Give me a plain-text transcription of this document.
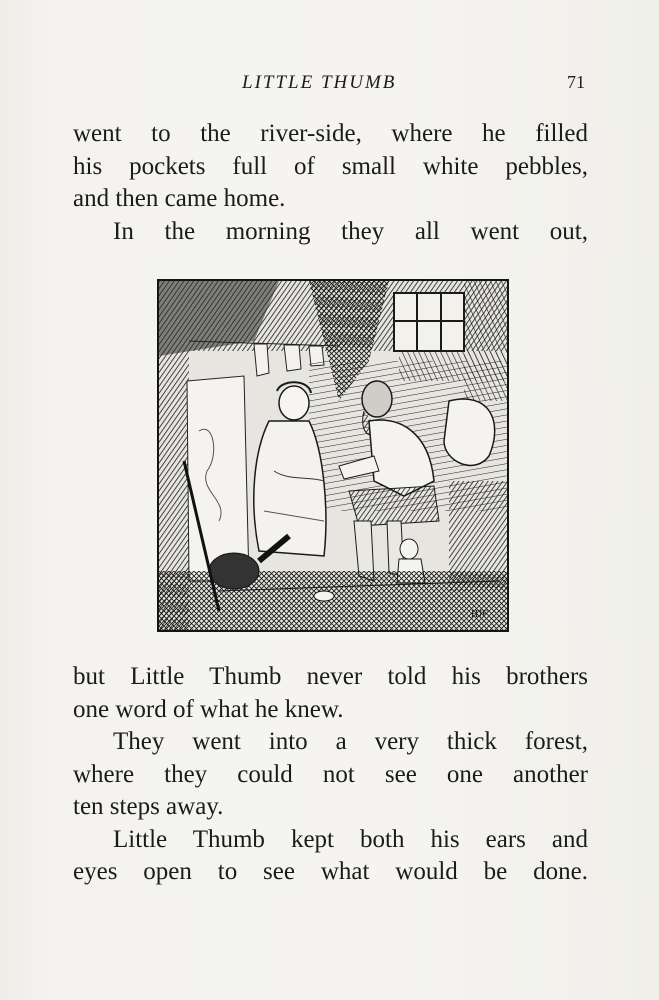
LITTLE THUMB	71
went to the river-side, where he filled
his pockets full of small white pebbles,
and then came home.
In the morning they all went out,
HJF
but Little Thumb never told his brothers
one word of what he knew.
They went into a very thick forest,
where they could not see one another
ten steps away.
Little Thumb kept both his ears and
eyes open to see what would be done.
